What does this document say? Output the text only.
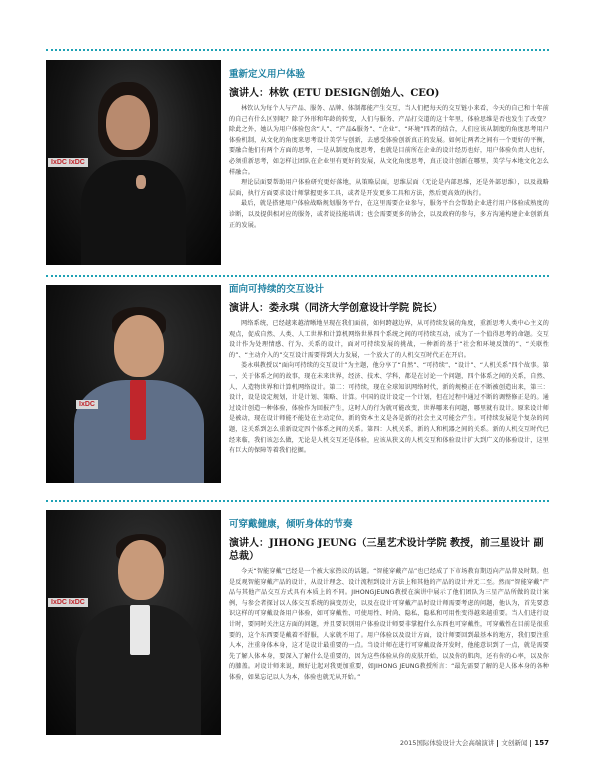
IxDC IxDC

重新定义用户体验

演讲人：林钦 (ETU DESIGN创始人、CEO)

林钦认为每个人与产品、服务、品牌、体制都能产生交互，当人们把每天的交互链小来看，今天的自己和十年前的自己有什么区别呢？除了外形和年龄的转变，人们与服务、产品打交道的这十年里，体验思维是否也发生了改变？除此之外，她认为用户体验包含“人”、“产品&服务”、“企业”、“环境”四者的结合，人们应该从制度的角度思考用户体验机制，从文化的角度来思考设计美学与创新，去感受体验创新真正的发展。如何让两者之间有一个更好的平衡，要融合他们有两个方面的思考，一是从制度角度思考，也就是目前所在企业的设计经历也好，用户体验负责人也好，必须重新思考，如怎样让团队在企业里有更好的发展，从文化角度思考，真正设计创新在哪里，美学与本地文化怎么样融合。

理论层面要帮助用户体验研究更好落地，从策略层面，思维层面（无论是内部思维，还是外部思维），以及战略层面，执行方面要求设计师掌握更多工具，或者是开发更多工具和方法，然后更高效的执行。

最后，就是搭建用户体验战略规划服务平台，在这里需要企业参与，服务平台会帮助企业进行用户体验成熟度的诊断，以及提供相对应的服务，或者说技能培训；也会需要更多的协会，以及政府的参与，多方沟通构建企业创新真正的发展。

IxDC

面向可持续的交互设计

演讲人：娄永琪（同济大学创意设计学院 院长）

网络系统，已经越来越清晰地呈现在我们面前，如何跨越边界，从可持续发展的角度，重新思考人类中心主义的观点，促成自然、人类、人工世界和计算机网络世界四个系统之间的可持续互动，成为了一个值得思考的命题。交互设计作为处理情感、行为、关系的设计，面对可持续发展的挑战，一种新的基于“社会和环境反馈的”、“关联性的”、“主动介入的”交互设计需要得到大力发展，一个放大了的人机交互时代正在开启。

娄永琪教授以“面向可持续的交互设计”为主题，他分享了“自然”、“可持续”、“设计”、“人机关系”四个故事。第一，关于体系之间的故事，现在未来世界，经济、技术、学科，都是在讨论一个问题，四个体系之间的关系，自然、人、人造物世界和计算机网络设计。第二：可持续，现在全球知识网络时代，新的规模正在不断被创造出来，第三：设计，设是设定规划，计是计划、策略、计算。中国的设计设定一个计划，但在过程中通过不断的调整修正是的。通过设计创造一种体验，体验作为回报产生，这时人的行为就可能改变，世界哪来有问题，哪里就有设计。原来设计师是被动，现在设计师能不能处在主动定位，新的资本主义是各是新的社会主义可能会产生。可持续发展是个复杂的问题，这关系到怎么重新设定四个体系之间的关系。第四：人机关系，新的人和机器之间的关系。新的人机交互时代已经来临，我们该怎么做，无论是人机交互还是体验，应该从狭义的人机交互和体验设计扩大到广义的体验设计，这里有巨大的保障等着我们挖掘。

IxDC IxDC

可穿戴健康，倾听身体的节奏

演讲人：JIHONG JEUNG（三星艺术设计学院 教授，前三星设计 副总裁）

今天“智能穿戴”已经是一个被大家热议的话题。“智能穿戴产品”也已经成了下市场教育期迈向产品普及时期。但是反观智能穿戴产品的设计，从设计理念、设计流程到设计方法上和其他的产品的设计并无二至。然而“智能穿戴”产品与其他产品交互方式具有本质上的不同。JIHONGJEUNG教授在演讲中展示了他们团队为三星产品所做的设计案例，与参会者探讨以人体交互系统的演变历史，以及在设计可穿戴产品时设计师需要考虑的问题，他认为，首先要意识这样的可穿戴设备用户体验，如可穿戴性、可使用性、时尚、隐私，隐私和可用性变得越来越重要。当人们进行设计时，要同时关注这方面的问题，并且要识别用户体验设计师要非掌握什么东西也可穿戴性，可穿戴性在目前是很重要的，这个东西要是戴着不舒服，人家就不用了。用户体验以及设计方面，设计师要回到最基本的地方，我们要注重人本，注重身体本身，这才是设计最重要的一点。当设计师在进行可穿戴设备开发时，他能意识到了一点，就是需要先了解人体本身，要深入了解什么是重要的，因为这些体验从你的皮肤开始，以及你的肌肉，还有你的心率，以及你的膝盖。对设计师来说，顾好让起对我更加重要，如JIHONG JEUNG教授所言：“最先需要了解的是人体本身的各种体验，如果忘记以人为本，体验也就无从开始。”

2015国际体验设计大会高端演讲 文创新闻 157
